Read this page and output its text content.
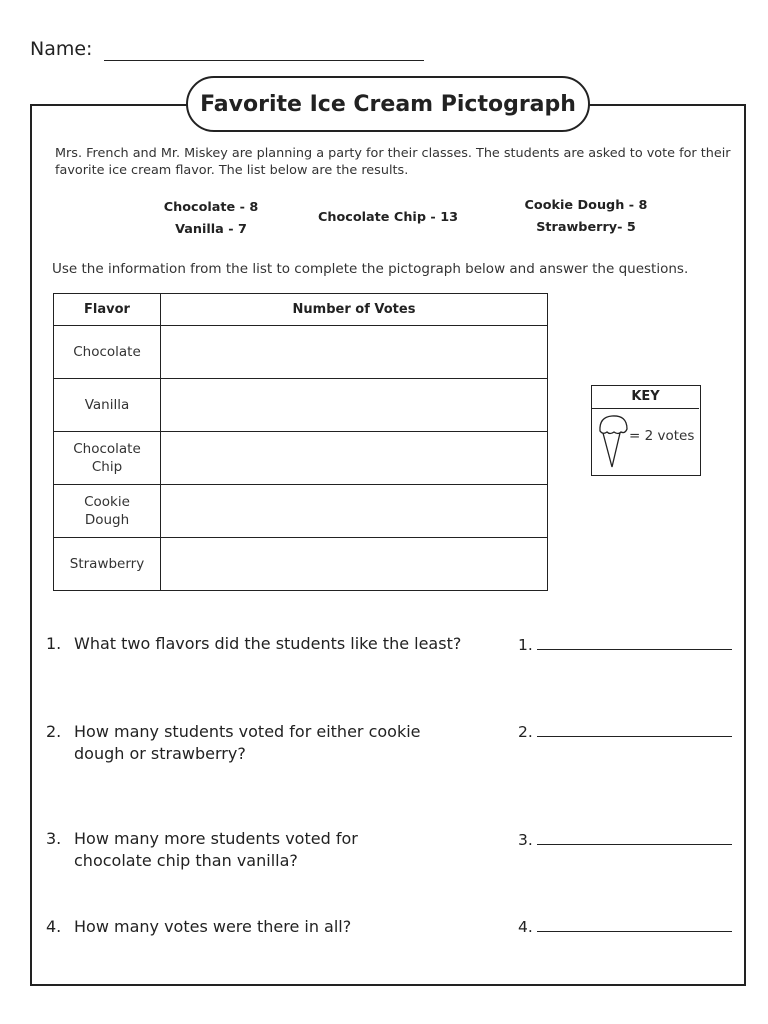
Name:
Favorite Ice Cream Pictograph
Mrs. French and Mr. Miskey are planning a party for their classes. The students are asked to vote for their favorite ice cream flavor. The list below are the results.
Chocolate - 8
Vanilla - 7
Chocolate Chip - 13
Cookie Dough - 8
Strawberry- 5
Use the information from the list to complete the pictograph below and answer the questions.
Flavor	Number of Votes
Chocolate	
Vanilla	
Chocolate Chip	
Cookie Dough	
Strawberry	
KEY
= 2 votes
1. What two flavors did the students like the least?	1.
2. How many students voted for either cookie dough or strawberry?
2.
3. How many more students voted for chocolate chip than vanilla?
3.
4. How many votes were there in all?	4.
